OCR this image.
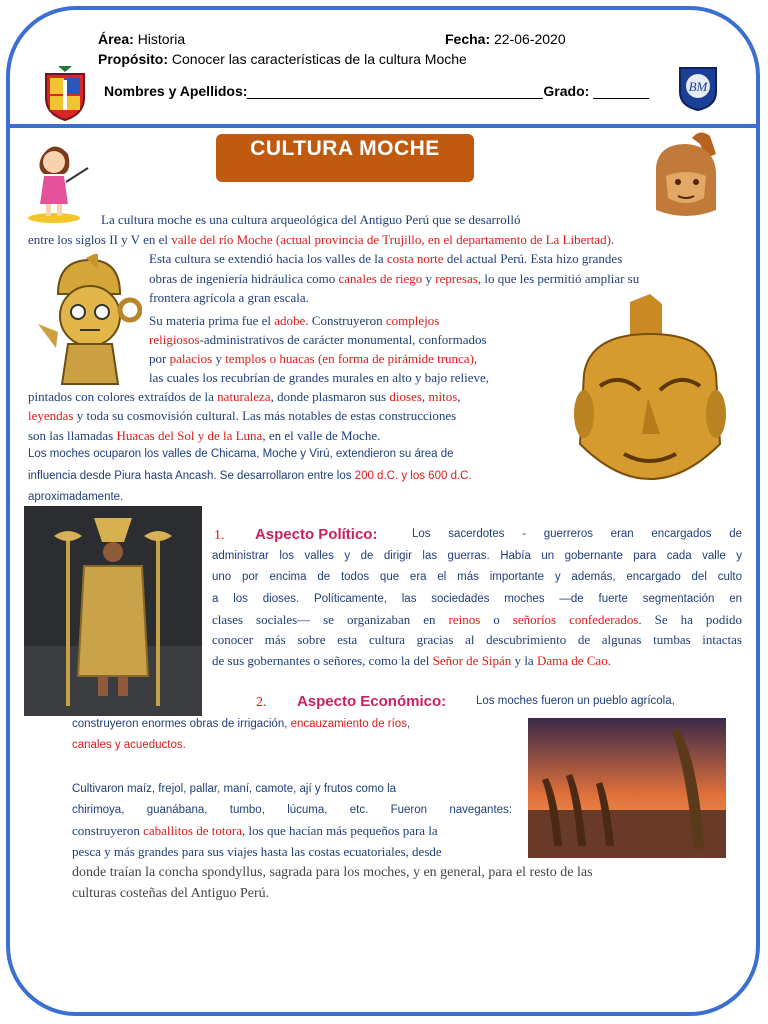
BM
Área: Historia	Fecha: 22-06-2020
Propósito: Conocer las características de la cultura Moche
Nombres y Apellidos:	Grado:
CULTURA MOCHE
La cultura moche es una cultura arqueológica del Antiguo Perú que se desarrolló
entre los siglos II y V en el valle del río Moche (actual provincia de Trujillo, en el departamento de La Libertad).
Esta cultura se extendió hacia los valles de la costa norte del actual Perú. Esta hizo grandes
obras de ingeniería hidráulica como canales de riego y represas, lo que les permitió ampliar su
frontera agrícola a gran escala.
Su materia prima fue el adobe. Construyeron complejos
religiosos-administrativos de carácter monumental, conformados
por palacios y templos o huacas (en forma de pirámide trunca),
las cuales los recubrían de grandes murales en alto y bajo relieve,
pintados con colores extraídos de la naturaleza, donde plasmaron sus dioses, mitos,
leyendas y toda su cosmovisión cultural. Las más notables de estas construcciones
son las llamadas Huacas del Sol y de la Luna, en el valle de Moche.
Los moches ocuparon los valles de Chicama, Moche y Virú, extendieron su área de
influencia desde Piura hasta Ancash. Se desarrollaron entre los 200 d.C. y los 600 d.C.
aproximadamente.
1. Aspecto Político:	Los sacerdotes - guerreros eran encargados de
administrar los valles y de dirigir las guerras. Había un gobernante para cada valle y
uno por encima de todos que era el más importante y además, encargado del culto
a los dioses. Políticamente, las sociedades moches —de fuerte segmentación en
clases sociales— se organizaban en reinos o señoríos confederados. Se ha podido
conocer más sobre esta cultura gracias al descubrimiento de algunas tumbas intactas
de sus gobernantes o señores, como la del Señor de Sipán y la Dama de Cao.
2. Aspecto Económico:	Los moches fueron un pueblo agrícola,
construyeron enormes obras de irrigación, encauzamiento de ríos,
canales y acueductos.
Cultivaron maíz, frejol, pallar, maní, camote, ají y frutos como la
chirimoya, guanábana, tumbo, lúcuma, etc. Fueron navegantes:
construyeron caballitos de totora, los que hacían más pequeños para la
pesca y más grandes para sus viajes hasta las costas ecuatoriales, desde
donde traían la concha spondyllus, sagrada para los moches, y en general, para el resto de las
culturas costeñas del Antiguo Perú.
